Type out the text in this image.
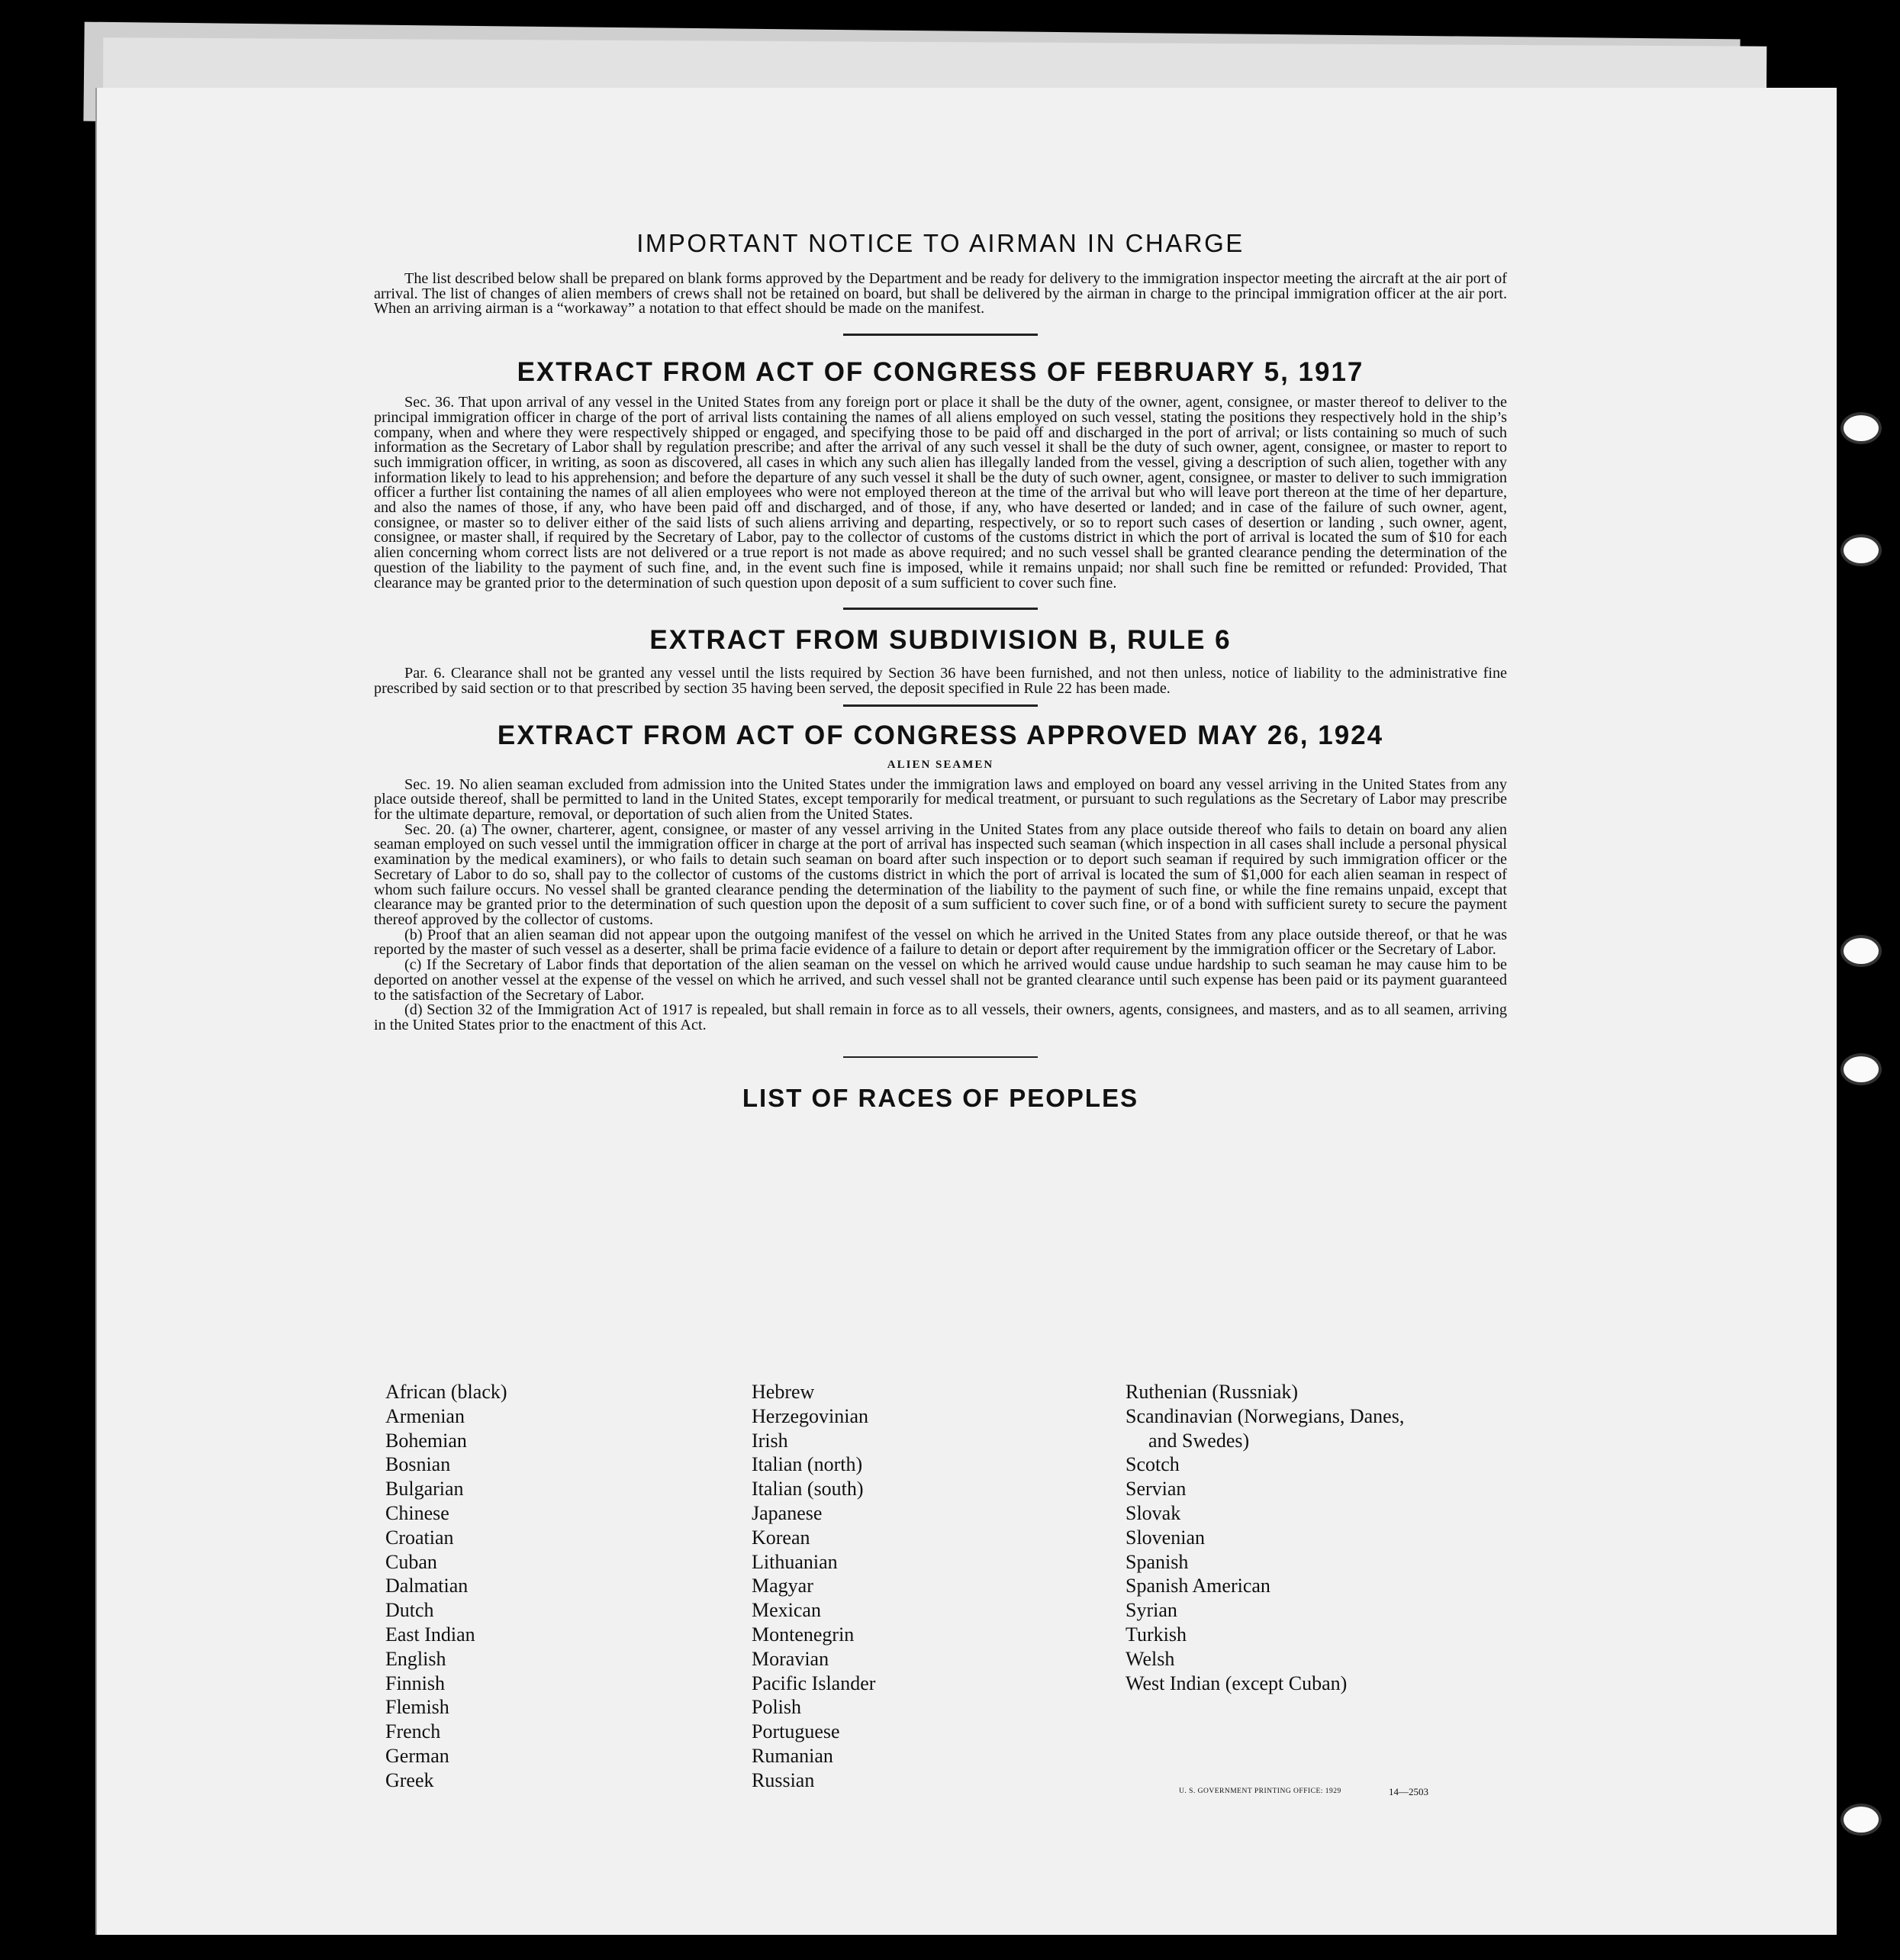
IMPORTANT NOTICE TO AIRMAN IN CHARGE

The list described below shall be prepared on blank forms approved by the Department and be ready for delivery to the immigration inspector meeting the aircraft at the air port of arrival. The list of changes of alien members of crews shall not be retained on board, but shall be delivered by the airman in charge to the principal immigration officer at the air port. When an arriving airman is a “workaway” a notation to that effect should be made on the manifest.

EXTRACT FROM ACT OF CONGRESS OF FEBRUARY 5, 1917

Sec. 36. That upon arrival of any vessel in the United States from any foreign port or place it shall be the duty of the owner, agent, consignee, or master thereof to deliver to the principal immigration officer in charge of the port of arrival lists containing the names of all aliens employed on such vessel, stating the positions they respectively hold in the ship’s company, when and where they were respectively shipped or engaged, and specifying those to be paid off and discharged in the port of arrival; or lists containing so much of such information as the Secretary of Labor shall by regulation prescribe; and after the arrival of any such vessel it shall be the duty of such owner, agent, consignee, or master to report to such immigration officer, in writing, as soon as discovered, all cases in which any such alien has illegally landed from the vessel, giving a description of such alien, together with any information likely to lead to his apprehension; and before the departure of any such vessel it shall be the duty of such owner, agent, consignee, or master to deliver to such immigration officer a further list containing the names of all alien employees who were not employed thereon at the time of the arrival but who will leave port thereon at the time of her departure, and also the names of those, if any, who have been paid off and discharged, and of those, if any, who have deserted or landed; and in case of the failure of such owner, agent, consignee, or master so to deliver either of the said lists of such aliens arriving and departing, respectively, or so to report such cases of desertion or landing , such owner, agent, consignee, or master shall, if required by the Secretary of Labor, pay to the collector of customs of the customs district in which the port of arrival is located the sum of $10 for each alien concerning whom correct lists are not delivered or a true report is not made as above required; and no such vessel shall be granted clearance pending the determination of the question of the liability to the payment of such fine, and, in the event such fine is imposed, while it remains unpaid; nor shall such fine be remitted or refunded: Provided, That clearance may be granted prior to the determination of such question upon deposit of a sum sufficient to cover such fine.

EXTRACT FROM SUBDIVISION B, RULE 6

Par. 6. Clearance shall not be granted any vessel until the lists required by Section 36 have been furnished, and not then unless, notice of liability to the administrative fine prescribed by said section or to that prescribed by section 35 having been served, the deposit specified in Rule 22 has been made.

EXTRACT FROM ACT OF CONGRESS APPROVED MAY 26, 1924
ALIEN SEAMEN

Sec. 19. No alien seaman excluded from admission into the United States under the immigration laws and employed on board any vessel arriving in the United States from any place outside thereof, shall be permitted to land in the United States, except temporarily for medical treatment, or pursuant to such regulations as the Secretary of Labor may prescribe for the ultimate departure, removal, or deportation of such alien from the United States.

Sec. 20. (a) The owner, charterer, agent, consignee, or master of any vessel arriving in the United States from any place outside thereof who fails to detain on board any alien seaman employed on such vessel until the immigration officer in charge at the port of arrival has inspected such seaman (which inspection in all cases shall include a personal physical examination by the medical examiners), or who fails to detain such seaman on board after such inspection or to deport such seaman if required by such immigration officer or the Secretary of Labor to do so, shall pay to the collector of customs of the customs district in which the port of arrival is located the sum of $1,000 for each alien seaman in respect of whom such failure occurs. No vessel shall be granted clearance pending the determination of the liability to the payment of such fine, or while the fine remains unpaid, except that clearance may be granted prior to the determination of such question upon the deposit of a sum sufficient to cover such fine, or of a bond with sufficient surety to secure the payment thereof approved by the collector of customs.

(b) Proof that an alien seaman did not appear upon the outgoing manifest of the vessel on which he arrived in the United States from any place outside thereof, or that he was reported by the master of such vessel as a deserter, shall be prima facie evidence of a failure to detain or deport after requirement by the immigration officer or the Secretary of Labor.

(c) If the Secretary of Labor finds that deportation of the alien seaman on the vessel on which he arrived would cause undue hardship to such seaman he may cause him to be deported on another vessel at the expense of the vessel on which he arrived, and such vessel shall not be granted clearance until such expense has been paid or its payment guaranteed to the satisfaction of the Secretary of Labor.

(d) Section 32 of the Immigration Act of 1917 is repealed, but shall remain in force as to all vessels, their owners, agents, consignees, and masters, and as to all seamen, arriving in the United States prior to the enactment of this Act.

LIST OF RACES OF PEOPLES
African (black)
Armenian
Bohemian
Bosnian
Bulgarian
Chinese
Croatian
Cuban
Dalmatian
Dutch
East Indian
English
Finnish
Flemish
French
German
Greek
Hebrew
Herzegovinian
Irish
Italian (north)
Italian (south)
Japanese
Korean
Lithuanian
Magyar
Mexican
Montenegrin
Moravian
Pacific Islander
Polish
Portuguese
Rumanian
Russian
Ruthenian (Russniak)
Scandinavian (Norwegians, Danes,
and Swedes)
Scotch
Servian
Slovak
Slovenian
Spanish
Spanish American
Syrian
Turkish
Welsh
West Indian (except Cuban)
U. S. GOVERNMENT PRINTING OFFICE: 1929	14—2503
